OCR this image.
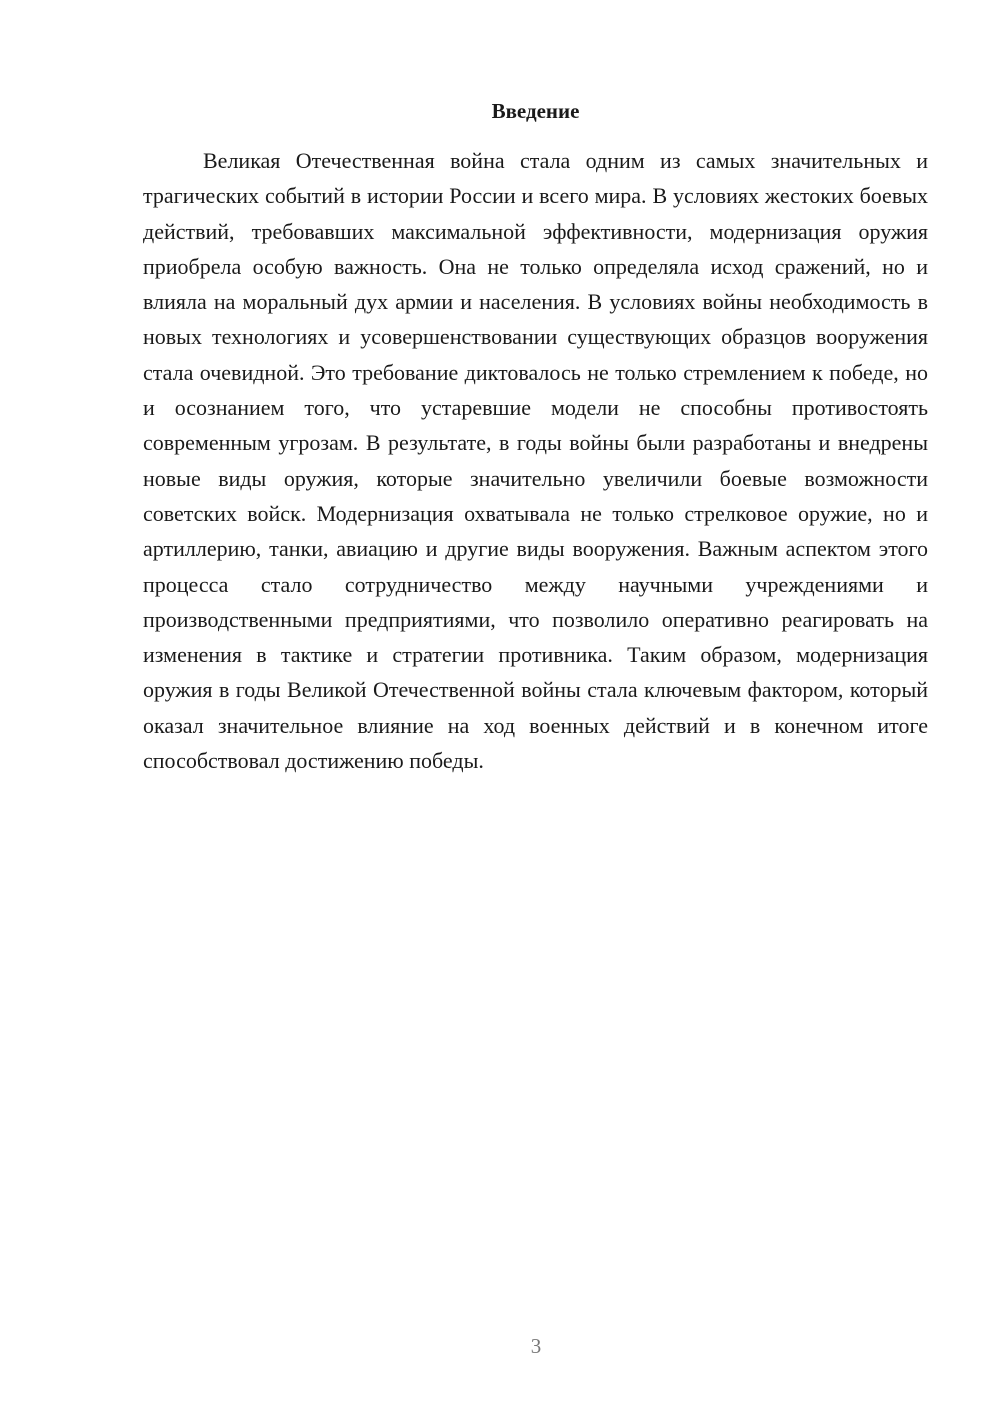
Введение

Великая Отечественная война стала одним из самых значительных и трагических событий в истории России и всего мира. В условиях жестоких боевых действий, требовавших максимальной эффективности, модернизация оружия приобрела особую важность. Она не только определяла исход сражений, но и влияла на моральный дух армии и населения. В условиях войны необходимость в новых технологиях и усовершенствовании существующих образцов вооружения стала очевидной. Это требование диктовалось не только стремлением к победе, но и осознанием того, что устаревшие модели не способны противостоять современным угрозам. В результате, в годы войны были разработаны и внедрены новые виды оружия, которые значительно увеличили боевые возможности советских войск. Модернизация охватывала не только стрелковое оружие, но и артиллерию, танки, авиацию и другие виды вооружения. Важным аспектом этого процесса стало сотрудничество между научными учреждениями и производственными предприятиями, что позволило оперативно реагировать на изменения в тактике и стратегии противника. Таким образом, модернизация оружия в годы Великой Отечественной войны стала ключевым фактором, который оказал значительное влияние на ход военных действий и в конечном итоге способствовал достижению победы.

3
